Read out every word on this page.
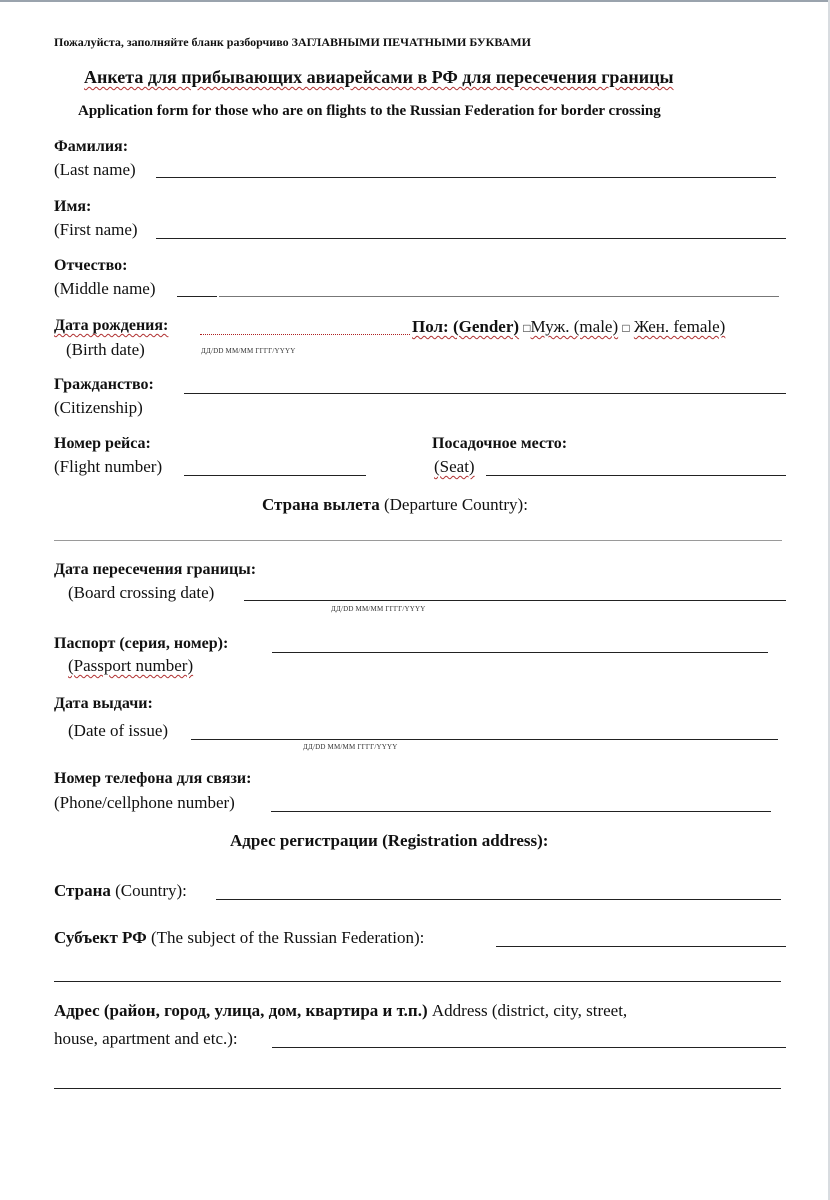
Пожалуйста, заполняйте бланк разборчиво ЗАГЛАВНЫМИ ПЕЧАТНЫМИ БУКВАМИ
Анкета для прибывающих авиарейсами в РФ для пересечения границы
Application form for those who are on flights to the Russian Federation for border crossing
Фамилия:
(Last name)
Имя:
(First name)
Отчество:
(Middle name)
Дата рождения:	Пол: (Gender) □Муж. (male) □ Жен. female)
(Birth date)	ДД/DD ММ/MM ГГГГ/YYYY
Гражданство:
(Citizenship)
Номер рейса:
(Flight number)
Посадочное место:
(Seat)
Страна вылета (Departure Country):
Дата пересечения границы:
(Board crossing date)
ДД/DD ММ/MM ГГГГ/YYYY
Паспорт (серия, номер):
(Passport number)
Дата выдачи:
(Date of issue)
ДД/DD ММ/MM ГГГГ/YYYY
Номер телефона для связи:
(Phone/cellphone number)
Адрес регистрации (Registration address):
Страна (Country):
Субъект РФ (The subject of the Russian Federation):
Адрес (район, город, улица, дом, квартира и т.п.) Address (district, city, street,
house, apartment and etc.):
